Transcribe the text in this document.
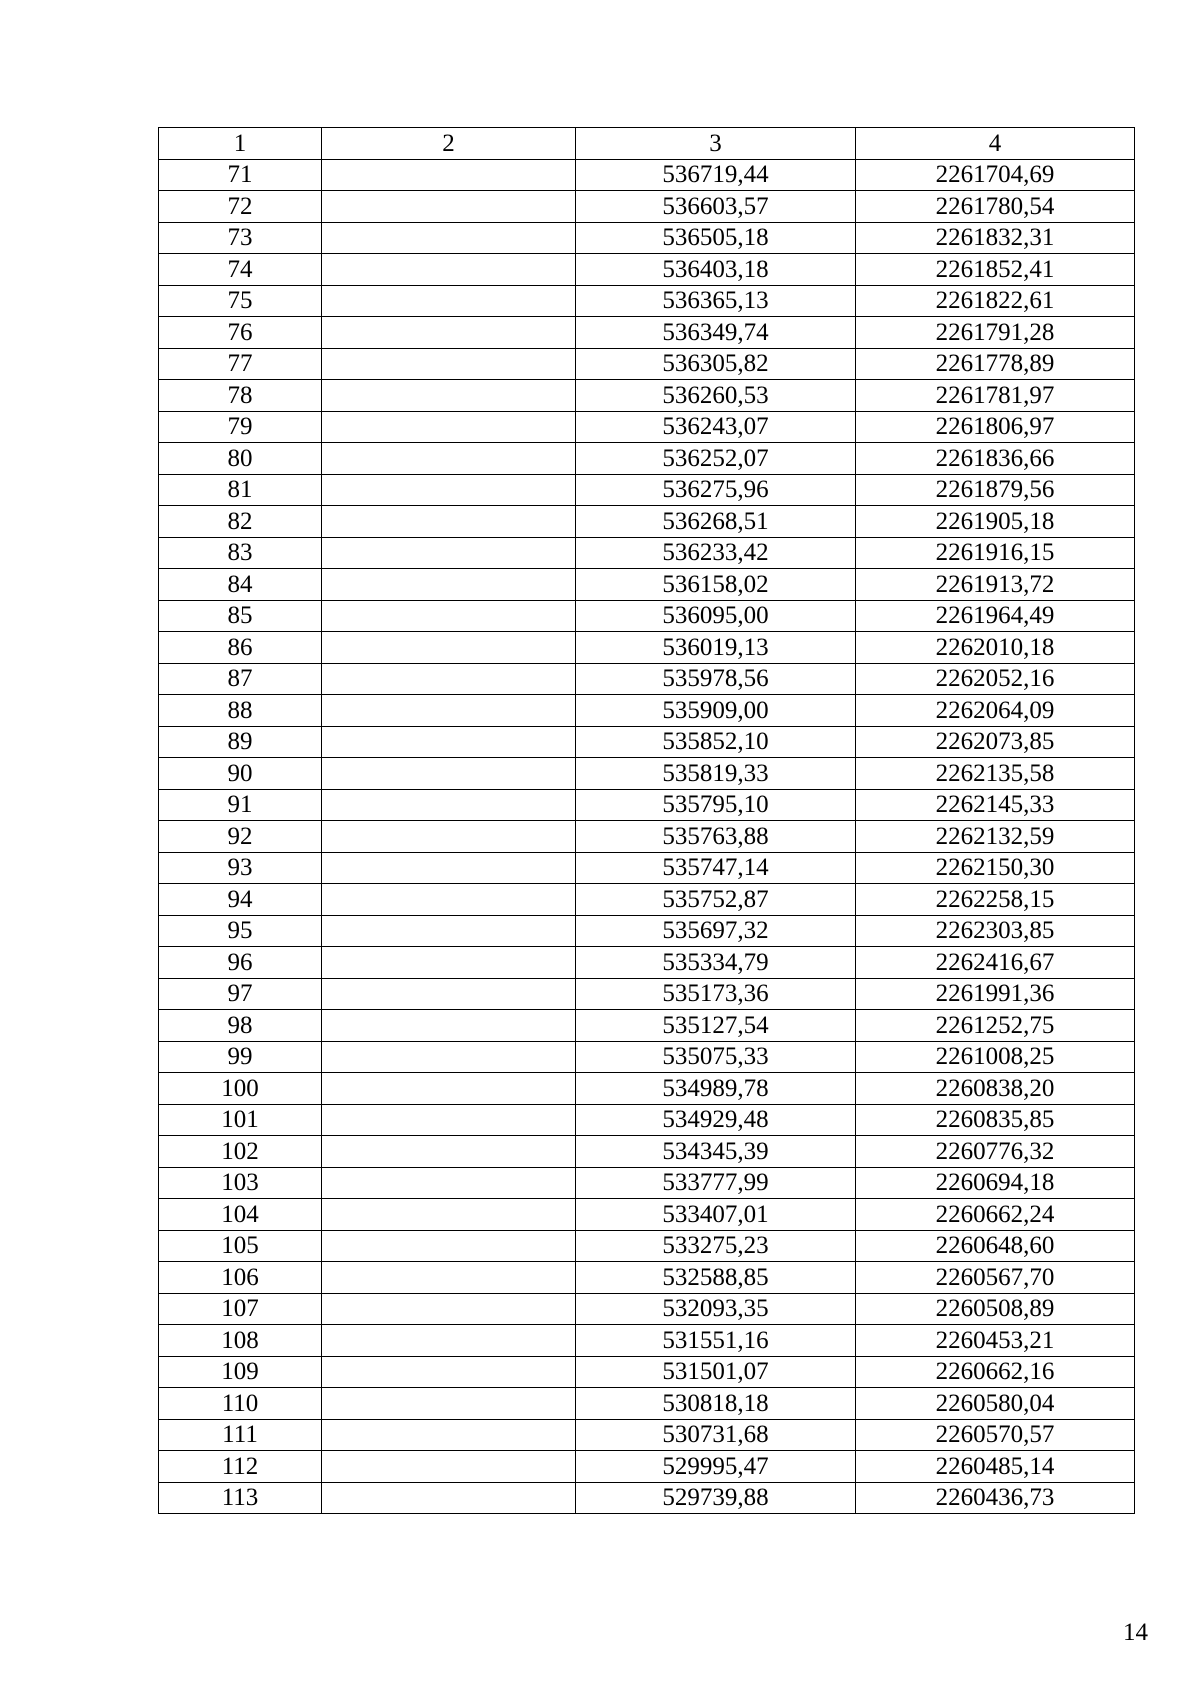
1	2	3	4
71		536719,44	2261704,69
72		536603,57	2261780,54
73		536505,18	2261832,31
74		536403,18	2261852,41
75		536365,13	2261822,61
76		536349,74	2261791,28
77		536305,82	2261778,89
78		536260,53	2261781,97
79		536243,07	2261806,97
80		536252,07	2261836,66
81		536275,96	2261879,56
82		536268,51	2261905,18
83		536233,42	2261916,15
84		536158,02	2261913,72
85		536095,00	2261964,49
86		536019,13	2262010,18
87		535978,56	2262052,16
88		535909,00	2262064,09
89		535852,10	2262073,85
90		535819,33	2262135,58
91		535795,10	2262145,33
92		535763,88	2262132,59
93		535747,14	2262150,30
94		535752,87	2262258,15
95		535697,32	2262303,85
96		535334,79	2262416,67
97		535173,36	2261991,36
98		535127,54	2261252,75
99		535075,33	2261008,25
100		534989,78	2260838,20
101		534929,48	2260835,85
102		534345,39	2260776,32
103		533777,99	2260694,18
104		533407,01	2260662,24
105		533275,23	2260648,60
106		532588,85	2260567,70
107		532093,35	2260508,89
108		531551,16	2260453,21
109		531501,07	2260662,16
110		530818,18	2260580,04
111		530731,68	2260570,57
112		529995,47	2260485,14
113		529739,88	2260436,73
14
